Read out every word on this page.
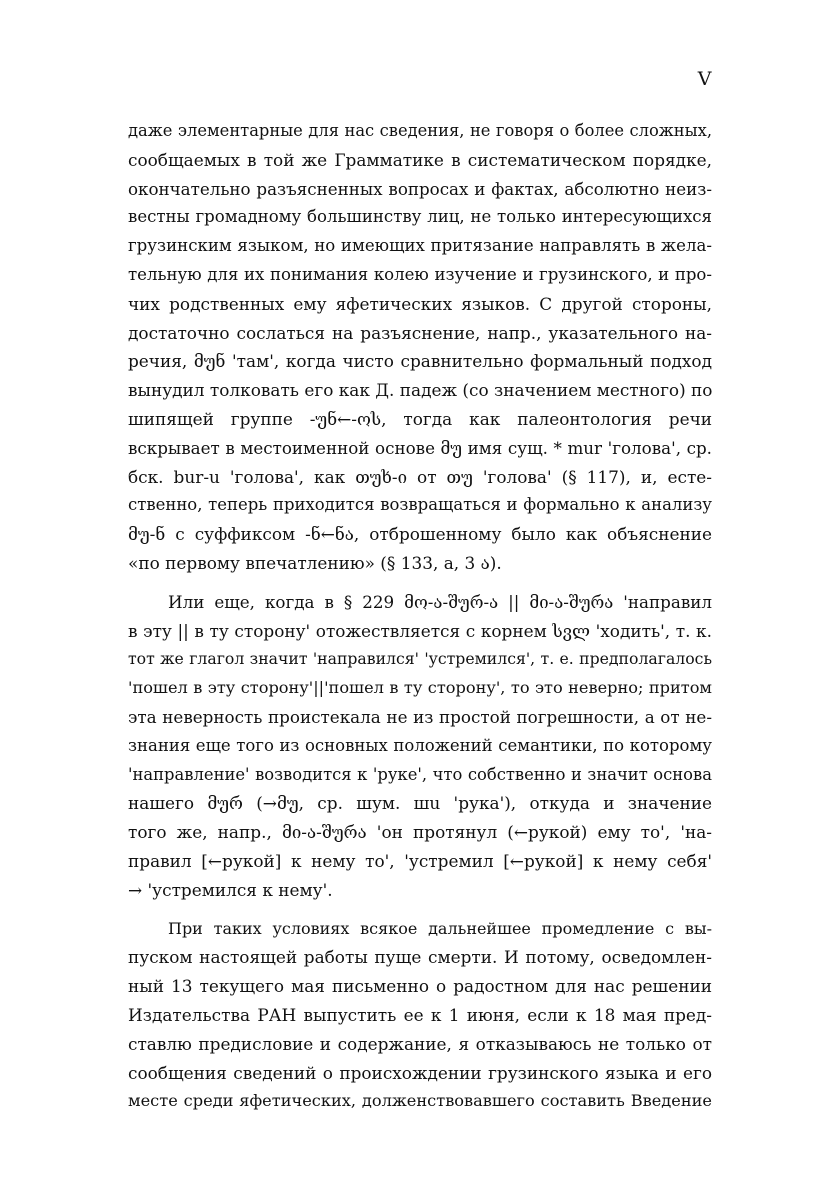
V
даже элементарные для нас сведения, не говоря о более сложных,
сообщаемых в той же Грамматике в систематическом порядке,
окончательно разъясненных вопросах и фактах, абсолютно неиз-
вестны громадному большинству лиц, не только интересующихся
грузинским языком, но имеющих притязание направлять в жела-
тельную для их понимания колею изучение и грузинского, и про-
чих родственных ему яфетических языков. С другой стороны,
достаточно сослаться на разъяснение, напр., указательного на-
речия, მუნ 'там', когда чисто сравнительно формальный подход
вынудил толковать его как Д. падеж (со значением местного) по
шипящей группе -უნ←-ოს, тогда как палеонтология речи
вскрывает в местоименной основе მუ имя сущ. * mur 'голова', ср.
бск. bur-u 'голова', как თუხ-ი от თუ 'голова' (§ 117), и, есте-
ственно, теперь приходится возвращаться и формально к анализу
მუ-ნ с суффиксом -ნ←ნა, отброшенному было как объяснение
«по первому впечатлению» (§ 133, а, 3 ა).
Или еще, когда в § 229 მო-ა-შურ-ა || მი-ა-შურა 'направил
в эту || в ту сторону' отожествляется с корнем სვლ 'ходить', т. к.
тот же глагол значит 'направился' 'устремился', т. е. предполагалось
'пошел в эту сторону'||'пошел в ту сторону', то это неверно; притом
эта неверность проистекала не из простой погрешности, а от не-
знания еще того из основных положений семантики, по которому
'направление' возводится к 'руке', что собственно и значит основа
нашего მურ (→მუ, ср. шум. шu 'рука'), откуда и значение
того же, напр., მი-ა-შურა 'он протянул (←рукой) ему то', 'на-
правил [←рукой] к нему то', 'устремил [←рукой] к нему себя'
→ 'устремился к нему'.
При таких условиях всякое дальнейшее промедление с вы-
пуском настоящей работы пуще смерти. И потому, осведомлен-
ный 13 текущего мая письменно о радостном для нас решении
Издательства РАН выпустить ее к 1 июня, если к 18 мая пред-
ставлю предисловие и содержание, я отказываюсь не только от
сообщения сведений о происхождении грузинского языка и его
месте среди яфетических, долженствовавшего составить Введение
